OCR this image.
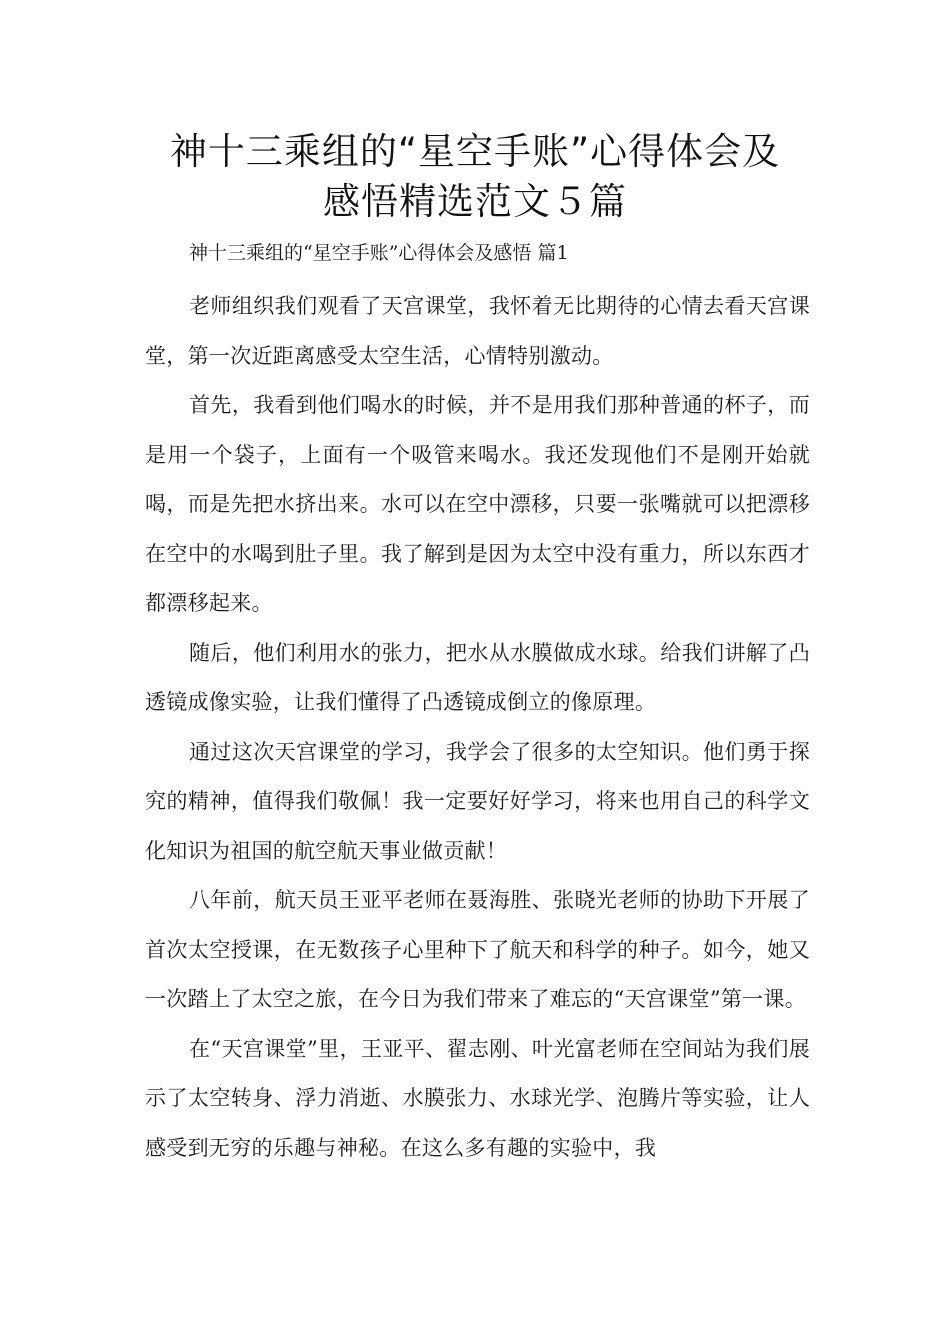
神十三乘组的“星空手账”心得体会及
感悟精选范文５篇

神十三乘组的“星空手账”心得体会及感悟 篇1

老师组织我们观看了天宫课堂，我怀着无比期待的心情去看天宫课堂，第一次近距离感受太空生活，心情特别激动。

首先，我看到他们喝水的时候，并不是用我们那种普通的杯子，而是用一个袋子，上面有一个吸管来喝水。我还发现他们不是刚开始就喝，而是先把水挤出来。水可以在空中漂移，只要一张嘴就可以把漂移在空中的水喝到肚子里。我了解到是因为太空中没有重力，所以东西才都漂移起来。

随后，他们利用水的张力，把水从水膜做成水球。给我们讲解了凸透镜成像实验，让我们懂得了凸透镜成倒立的像原理。

通过这次天宫课堂的学习，我学会了很多的太空知识。他们勇于探究的精神，值得我们敬佩！我一定要好好学习，将来也用自己的科学文化知识为祖国的航空航天事业做贡献！

八年前，航天员王亚平老师在聂海胜、张晓光老师的协助下开展了首次太空授课，在无数孩子心里种下了航天和科学的种子。如今，她又一次踏上了太空之旅，在今日为我们带来了难忘的“天宫课堂”第一课。

在“天宫课堂”里，王亚平、翟志刚、叶光富老师在空间站为我们展示了太空转身、浮力消逝、水膜张力、水球光学、泡腾片等实验，让人感受到无穷的乐趣与神秘。在这么多有趣的实验中，我
